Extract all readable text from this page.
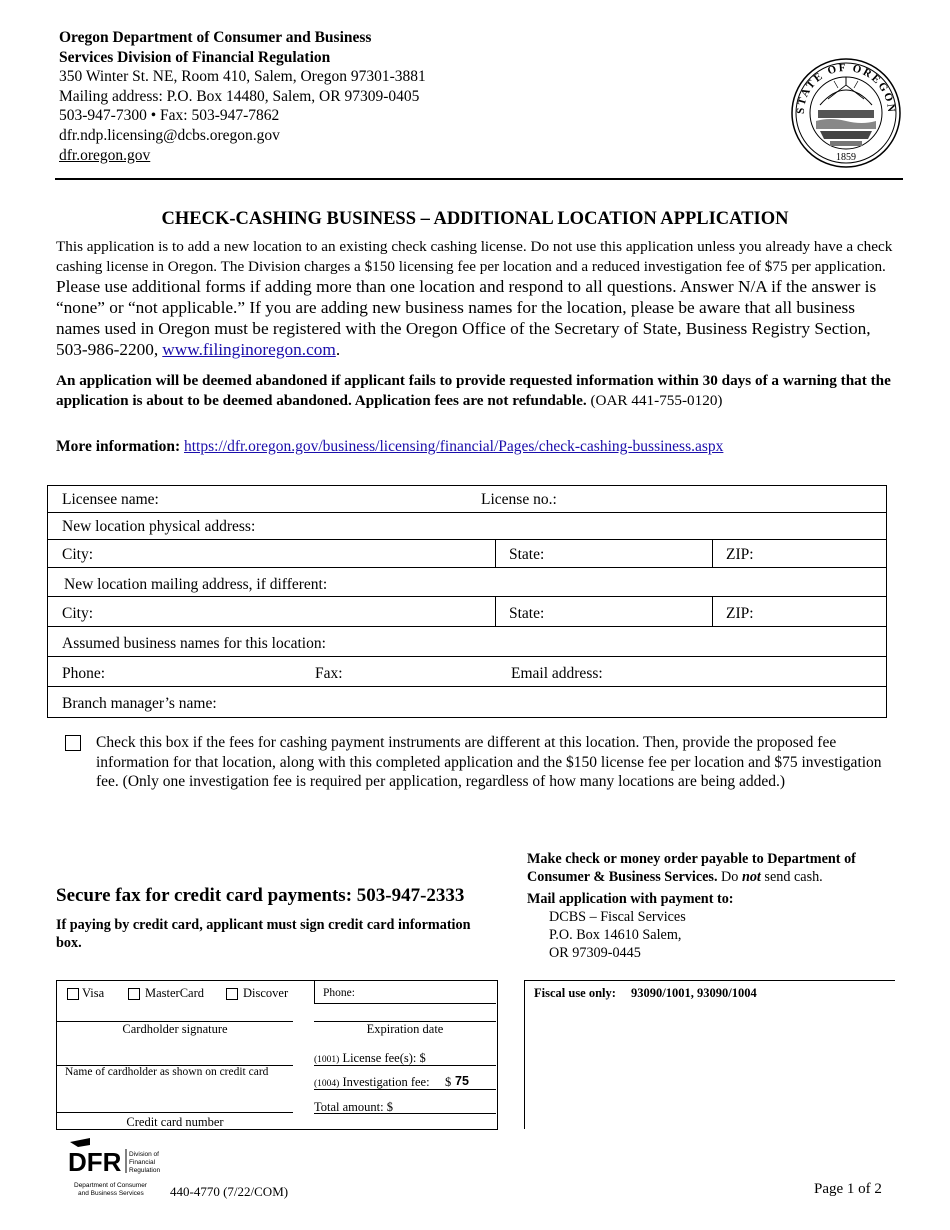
Oregon Department of Consumer and Business
Services Division of Financial Regulation
350 Winter St. NE, Room 410, Salem, Oregon 97301-3881
Mailing address: P.O. Box 14480, Salem, OR 97309-0405
503-947-7300 • Fax: 503-947-7862
dfr.ndp.licensing@dcbs.oregon.gov
dfr.oregon.gov
STATE OF OREGON
1859
CHECK-CASHING BUSINESS – ADDITIONAL LOCATION APPLICATION
This application is to add a new location to an existing check cashing license. Do not use this application unless you already have a check cashing license in Oregon. The Division charges a $150 licensing fee per location and a reduced investigation fee of $75 per application. Please use additional forms if adding more than one location and respond to all questions. Answer N/A if the answer is “none” or “not applicable.” If you are adding new business names for the location, please be aware that all business names used in Oregon must be registered with the Oregon Office of the Secretary of State, Business Registry Section, 503-986-2200, www.filinginoregon.com.
An application will be deemed abandoned if applicant fails to provide requested information within 30 days of a warning that the application is about to be deemed abandoned. Application fees are not refundable. (OAR 441-755-0120)
More information: https://dfr.oregon.gov/business/licensing/financial/Pages/check-cashing-bussiness.aspx
Licensee name:	License no.:
New location physical address:
City:	State:	ZIP:
New location mailing address, if different:
City:	State:	ZIP:
Assumed business names for this location:
Phone:	Fax:	Email address:
Branch manager’s name:
Check this box if the fees for cashing payment instruments are different at this location. Then, provide the proposed fee information for that location, along with this completed application and the $150 license fee per location and $75 investigation fee. (Only one investigation fee is required per application, regardless of how many locations are being added.)
Make check or money order payable to Department of Consumer & Business Services. Do not send cash.
Mail application with payment to:
DCBS – Fiscal Services
P.O. Box 14610 Salem,
OR 97309-0445
Secure fax for credit card payments: 503-947-2333
If paying by credit card, applicant must sign credit card information box.
Visa	MasterCard	Discover	Phone:
Cardholder signature	Expiration date
Name of cardholder as shown on credit card
(1001) License fee(s): $
(1004) Investigation fee: $ 75
Total amount: $
Credit card number
Fiscal use only: 93090/1001, 93090/1004
DFR Division of
Financial
Regulation
Department of Consumer
and Business Services 440-4770 (7/22/COM)	Page 1 of 2
